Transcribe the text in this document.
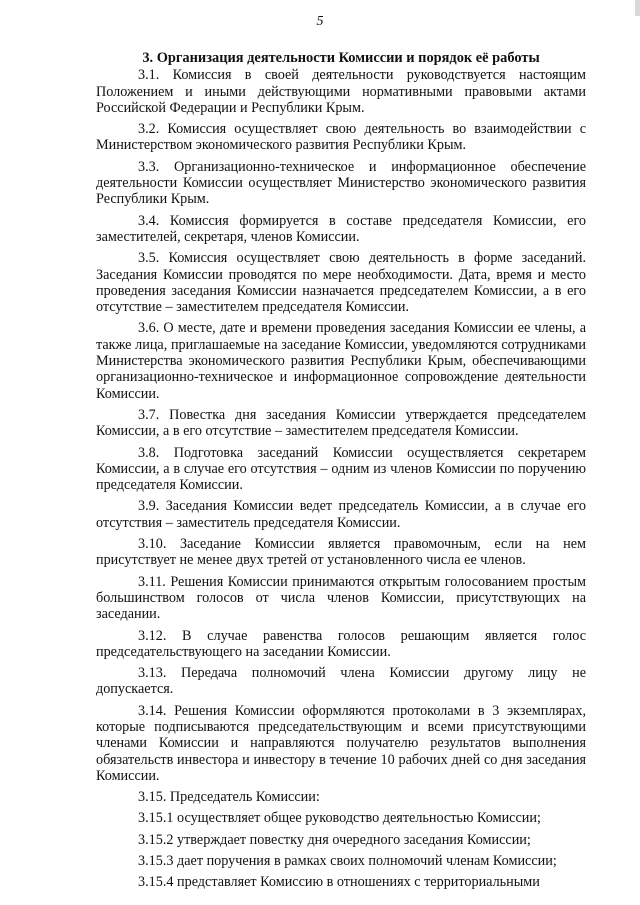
5
3. Организация деятельности Комиссии и порядок её работы

3.1. Комиссия в своей деятельности руководствуется настоящим Положением и иными действующими нормативными правовыми актами Российской Федерации и Республики Крым.

3.2. Комиссия осуществляет свою деятельность во взаимодействии с Министерством экономического развития Республики Крым.

3.3. Организационно-техническое и информационное обеспечение деятельности Комиссии осуществляет Министерство экономического развития Республики Крым.

3.4. Комиссия формируется в составе председателя Комиссии, его заместителей, секретаря, членов Комиссии.

3.5. Комиссия осуществляет свою деятельность в форме заседаний. Заседания Комиссии проводятся по мере необходимости. Дата, время и место проведения заседания Комиссии назначается председателем Комиссии, а в его отсутствие – заместителем председателя Комиссии.

3.6. О месте, дате и времени проведения заседания Комиссии ее члены, а также лица, приглашаемые на заседание Комиссии, уведомляются сотрудниками Министерства экономического развития Республики Крым, обеспечивающими организационно-техническое и информационное сопровождение деятельности Комиссии.

3.7. Повестка дня заседания Комиссии утверждается председателем Комиссии, а в его отсутствие – заместителем председателя Комиссии.

3.8. Подготовка заседаний Комиссии осуществляется секретарем Комиссии, а в случае его отсутствия – одним из членов Комиссии по поручению председателя Комиссии.

3.9. Заседания Комиссии ведет председатель Комиссии, а в случае его отсутствия – заместитель председателя Комиссии.

3.10. Заседание Комиссии является правомочным, если на нем присутствует не менее двух третей от установленного числа ее членов.

3.11. Решения Комиссии принимаются открытым голосованием простым большинством голосов от числа членов Комиссии, присутствующих на заседании.

3.12. В случае равенства голосов решающим является голос председательствующего на заседании Комиссии.

3.13. Передача полномочий члена Комиссии другому лицу не допускается.

3.14. Решения Комиссии оформляются протоколами в 3 экземплярах, которые подписываются председательствующим и всеми присутствующими членами Комиссии и направляются получателю результатов выполнения обязательств инвестора и инвестору в течение 10 рабочих дней со дня заседания Комиссии.

3.15. Председатель Комиссии:

3.15.1 осуществляет общее руководство деятельностью Комиссии;

3.15.2 утверждает повестку дня очередного заседания Комиссии;

3.15.3 дает поручения в рамках своих полномочий членам Комиссии;

3.15.4 представляет Комиссию в отношениях с территориальными
